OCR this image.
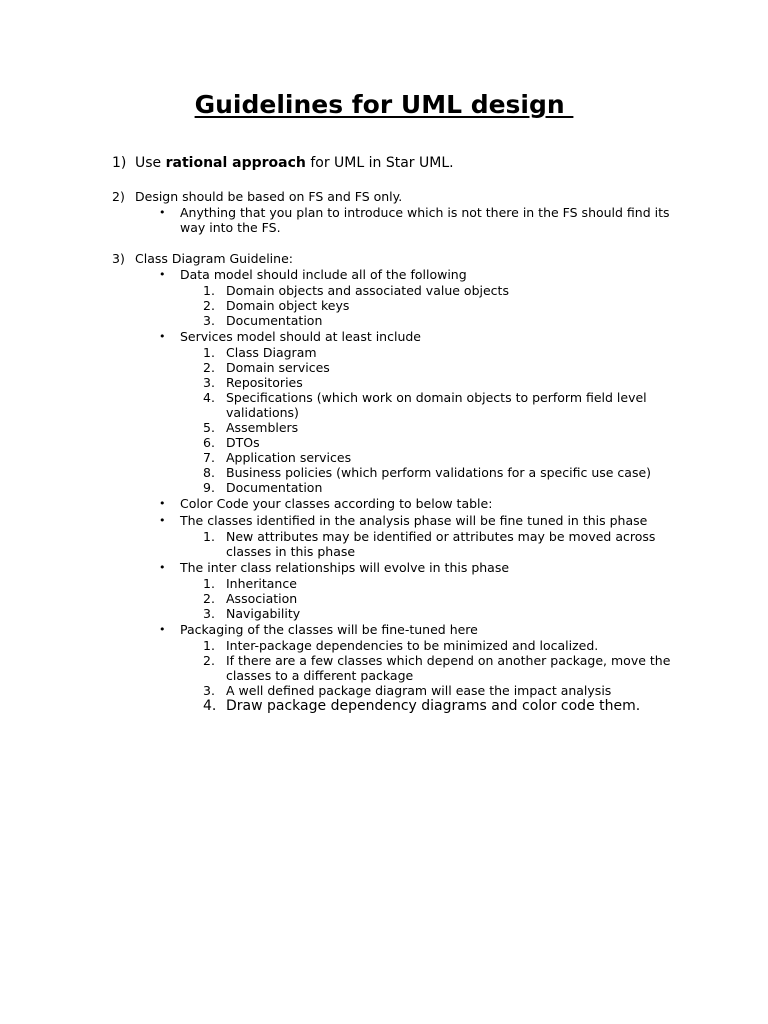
Guidelines for UML design
1) Use rational approach for UML in Star UML.
2) Design should be based on FS and FS only.
• Anything that you plan to introduce which is not there in the FS should find its
way into the FS.
3) Class Diagram Guideline:
• Data model should include all of the following
1. Domain objects and associated value objects
2. Domain object keys
3. Documentation
• Services model should at least include
1. Class Diagram
2. Domain services
3. Repositories
4. Specifications (which work on domain objects to perform field level
validations)
5. Assemblers
6. DTOs
7. Application services
8. Business policies (which perform validations for a specific use case)
9. Documentation
• Color Code your classes according to below table:
• The classes identified in the analysis phase will be fine tuned in this phase
1. New attributes may be identified or attributes may be moved across
classes in this phase
• The inter class relationships will evolve in this phase
1. Inheritance
2. Association
3. Navigability
• Packaging of the classes will be fine-tuned here
1. Inter-package dependencies to be minimized and localized.
2. If there are a few classes which depend on another package, move the
classes to a different package
3. A well defined package diagram will ease the impact analysis
4. Draw package dependency diagrams and color code them.
